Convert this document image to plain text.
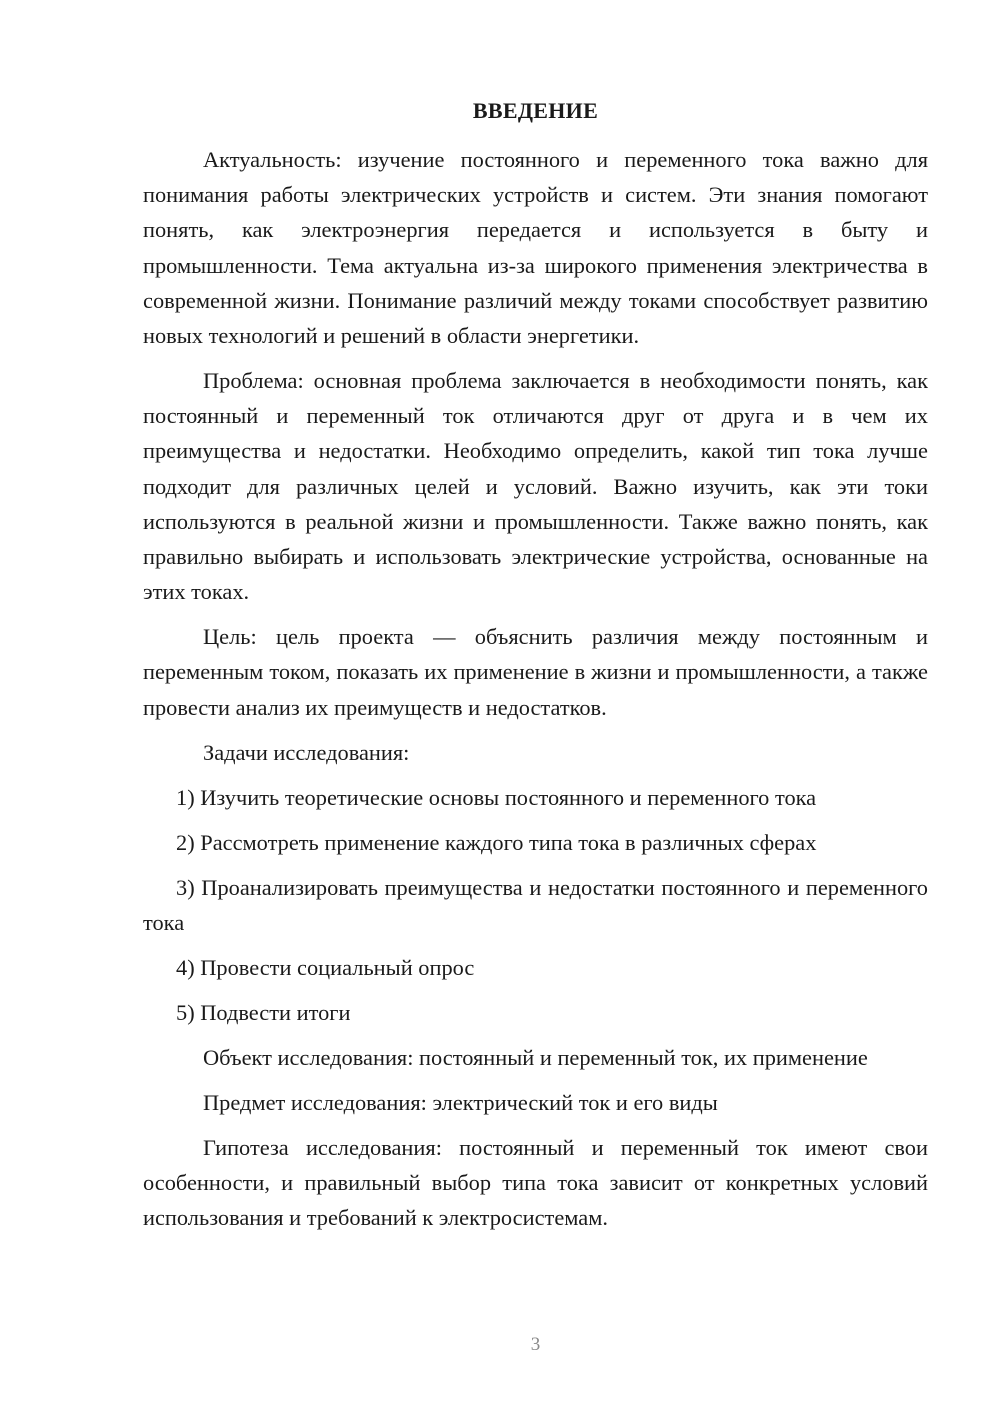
ВВЕДЕНИЕ

Актуальность: изучение постоянного и переменного тока важно для понимания работы электрических устройств и систем. Эти знания помогают понять, как электроэнергия передается и используется в быту и промышленности. Тема актуальна из-за широкого применения электричества в современной жизни. Понимание различий между токами способствует развитию новых технологий и решений в области энергетики.

Проблема: основная проблема заключается в необходимости понять, как постоянный и переменный ток отличаются друг от друга и в чем их преимущества и недостатки. Необходимо определить, какой тип тока лучше подходит для различных целей и условий. Важно изучить, как эти токи используются в реальной жизни и промышленности. Также важно понять, как правильно выбирать и использовать электрические устройства, основанные на этих токах.

Цель: цель проекта — объяснить различия между постоянным и переменным током, показать их применение в жизни и промышленности, а также провести анализ их преимуществ и недостатков.

Задачи исследования:

1) Изучить теоретические основы постоянного и переменного тока

2) Рассмотреть применение каждого типа тока в различных сферах

3) Проанализировать преимущества и недостатки постоянного и переменного тока

4) Провести социальный опрос

5) Подвести итоги

Объект исследования: постоянный и переменный ток, их применение

Предмет исследования: электрический ток и его виды

Гипотеза исследования: постоянный и переменный ток имеют свои особенности, и правильный выбор типа тока зависит от конкретных условий использования и требований к электросистемам.

3
